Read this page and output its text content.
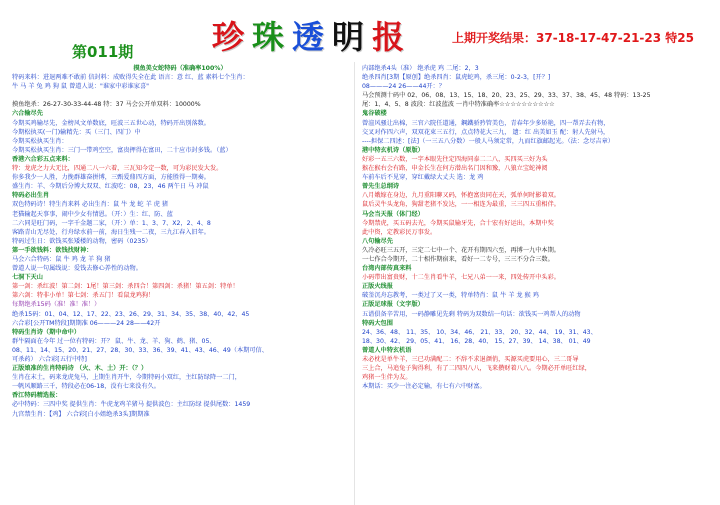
第011期 珍 珠 透 明 报	上期开奖结果：37-18-17-47-21-23 特25
摸鱼美女蛇特码（准确率100%）
特码来料：进退两难不敢前 信封料：成败得失全在此 语言：意 红、蓝 素料七个生肖：
牛 马 羊 兔 鸡 狗 鼠 曾道人说："谁家中彩谁家喜"

摸鱼绝杀：26-27-30-33-44-48 特：37 马会公开单双料：10000%
六合输尽先
今期买鸡输尽先，金榜风文单数底，旺波三五世心动，特码开出别落数。
今期松执买(一门)输精先：买（三门、四门）中
今期买松执买生肖：
今期买松执买生肖：三门一带鸡空空，富贵押得在富田，二十应市封多钱。（蓝）
香港六合彩五点来料：
特：龙虎之力大无比，四通二八一六着，三瓦知今定一数，可为彩民发大发。
你多我少一人胜，力挽群雄奋拼博，三甄爱鼎四方面，方能胜得一期奏。
盛生肖：羊、今期后分博大双双、红波吃：08，23，46 两午日 马 冲鼠
特码必出生肖
双色特码诗！特生肖来料 必出生肖：鼠 牛 龙 蛇 羊 虎 猪
老猫输起天事事，闹中少女有情恩。（开：）生：红、防、蓝
二六同是旺门码，一字千金题二家，（开：）单：1、3、7、X2，2、4、8
客路青山无尽处，行舟绿水前一前，海日生残一二夜，三九江春入旧年。
特码过生日：欲钱买张矮楼的动物，密码（0235）
第一手欲钱料：欲钱找财神：
马会六合特码：鼠 牛 鸡 龙 羊 狗 猪
曾道人说一句属线说：爱钱去修心养性的动物。
七洞下天山
第一剑：杀红波！第二剑：1尾！第三剑：杀四合！第四剑：杀猪！第五剑：特单！
第六剑：特非小单！第七剑：杀五门！看鼠龙鸡狗！
每期绝杀15码（准！准！准！）
绝杀15码：01、04、12、17、22、23、26、29、31、34、35、38、40、42、45
六合彩[公开TM特段]期期准 06———24 28——42开
特码生肖诗（期中命中）
群牛隔面在今年 过一位有特码：开？ 鼠、牛、龙、羊、狗、鹤、猪、05、
08、11、14、15、20、21、27、28、30、33、36、39、41、43、46、49（本期可信、
可杀药） 六合彩[五行中特]
正版娘准的生肖特码诗 （火、木、土）开：（？）
生肖在末土，码来龙虎兔马，上期生肖开牛，今期特码小双红，主红防绿降一二门，
一帆风顺路三千，特段必在06-18，没有七来没有久。
香江特码精选报：
必中特码：三四中奖 提供生肖：牛虎龙鸡羊猪马 提供波色：主红防绿 提供尾数：1459
九宫禁生肖：【鸡】 六合彩[白小姐绝杀3头]期期准
内部绝杀4头（准） 绝杀虎 鸡 二尾：2，3
绝杀四肖[3期【原创】绝杀四肖：鼠虎蛇鸡，杀三尾：0-2-3，[开？]
08———24 26——44开：？
马会预测十码中 02、06、08、13、15、18、20、23、25、29、33、37、38、45、48 特码：13-25
尾：1、4、5、8 波段：红波蓝波 一肖中特准确率☆☆☆☆☆☆☆☆☆☆
鬼谷破楼
曾渲风骚让出棉，三官六院任道通，鋼鐵骄矜管美色，青春年少多矫艳，四一帮弄去有物，
交叉对作四六声，双双花束三五行，点点特花大三九， 遗：红 出美如玉 配：射人先射马，
----担保二四述：[法]（一三五八分数）一般人马须定常，九而红旗邮起光。（法：念尽吉章）
港中特玄机诗（原版）
好彩一五三六数，一字本眼先往定四海同泰二二八，买四买三好为头
猴在猴右会有路，申金长生在何方潜出名门因和豫，八狼立宝蛇神阅
车前车后不见穿，穿红戴绿大丈夫 选：龙 鸡
曾先生总纲诗
八月娥嫁在身边，九月重阳聊又码，怀抱富贵同在天，弧单何时影着双。
鼠后灵牛头龙角，狗甜老猪不发达，一一相连为最重，三三四五重相伴。
马会当天报（体门经）
今期禁虎，买五码去光，今期买鼠输牙先，合十宏有好运出，本期中奖
此中资，定教彩民万事发。
八句输尽先
久冷必旺三五开，三定二七中一个、花开有期四六至，再博一九中本期。
一七作合今期开，二十相作期宿来，看好一二专号，三三不分合三数。
台湾内部传真来料
小码带出富贵财，十二生肖看牛羊，七兄八弟一一来，四处传开中头彩。
正版火线报
破釜沉舟忘教考，一类过了又一类，特单特肖：鼠 牛 羊 龙 猴 鸡
正版足球报（文字版）
五谱俱备辛苦用，一码静雕见先剩 特码为双数结一句话：欲钱买一鸡帮人的动物
特码大包围
24、36、48、 11、35、 10、34、46、 21、33、 20、32、44、 19、31、43、
18、30、42、 29、05、41、 16、28、40、 15、27、39、 14、38、 01、49
曾道人中特玄机语
未必枕是单牛羊，三已功满配二：不辞不求退颜俏，买源买虎要用心，三二哥导
三上合，马追兔子狗得利，有了二四四八八，飞来攒财着八八。今期必开单旺红绿，
鸡猪一生伴为友。
本期话：买少一注必定输，有七有六中财富。
